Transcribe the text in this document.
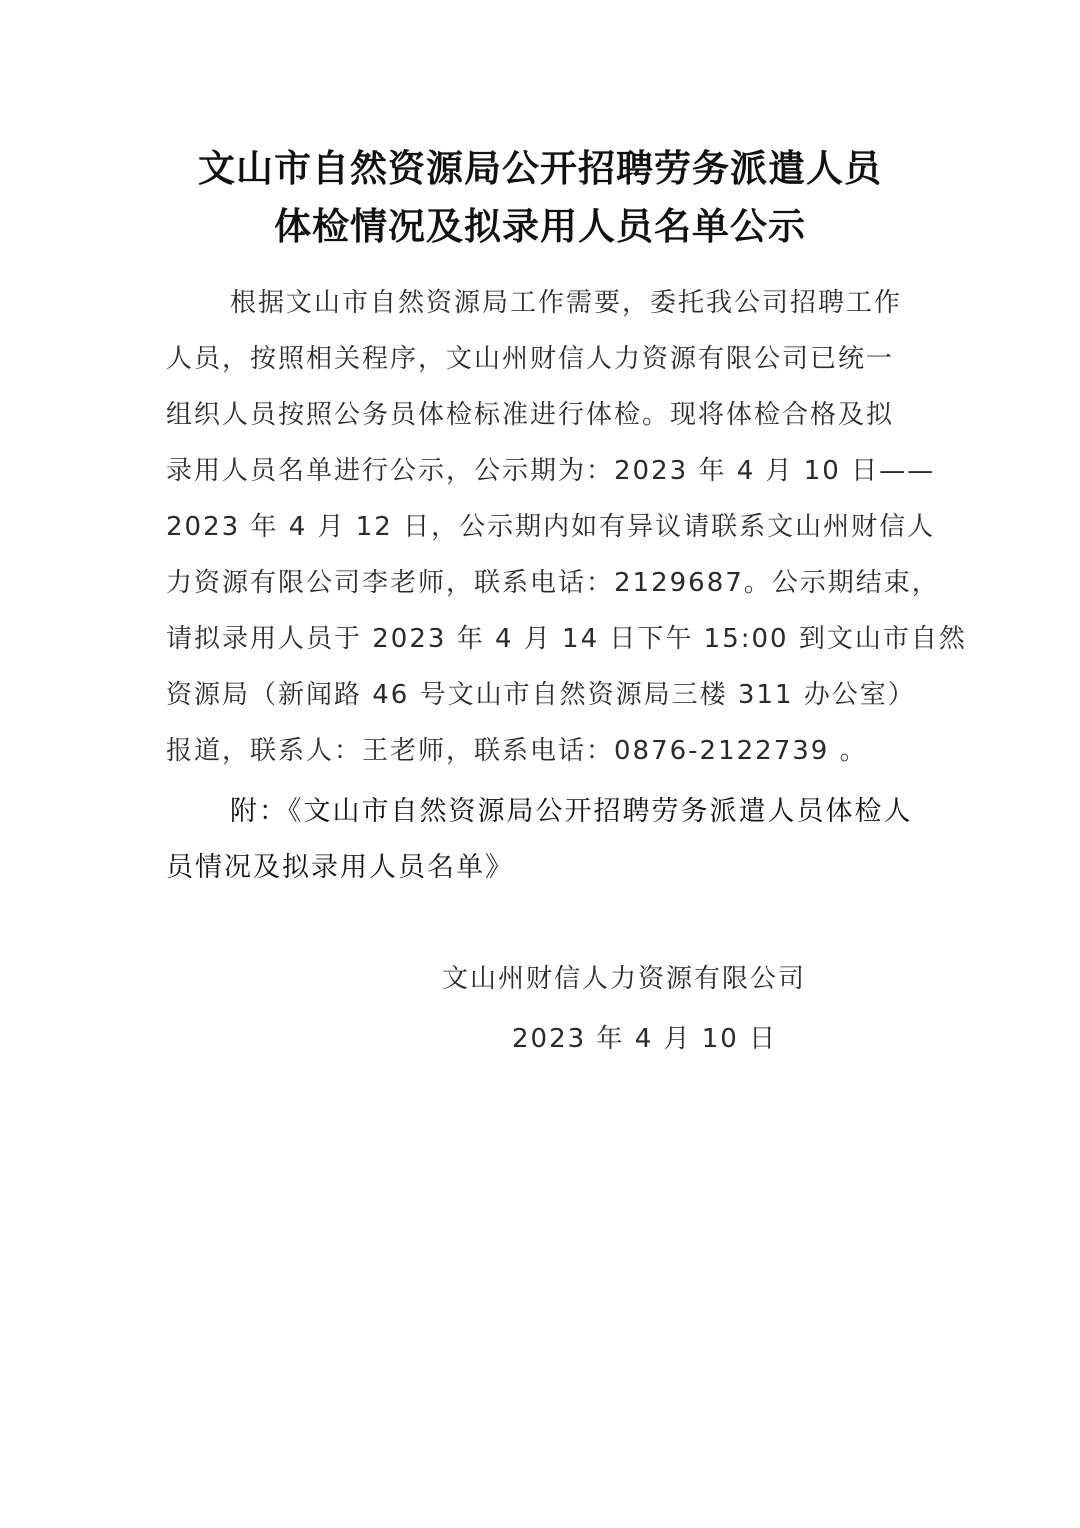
文山市自然资源局公开招聘劳务派遣人员
体检情况及拟录用人员名单公示
根据文山市自然资源局工作需要，委托我公司招聘工作
人员，按照相关程序，文山州财信人力资源有限公司已统一
组织人员按照公务员体检标准进行体检。现将体检合格及拟
录用人员名单进行公示，公示期为：2023 年 4 月 10 日——
2023 年 4 月 12 日，公示期内如有异议请联系文山州财信人
力资源有限公司李老师，联系电话：2129687。公示期结束，
请拟录用人员于 2023 年 4 月 14 日下午 15:00 到文山市自然
资源局（新闻路 46 号文山市自然资源局三楼 311 办公室）
报道，联系人：王老师，联系电话：0876-2122739 。
附：《文山市自然资源局公开招聘劳务派遣人员体检人
员情况及拟录用人员名单》
文山州财信人力资源有限公司
2023 年 4 月 10 日
